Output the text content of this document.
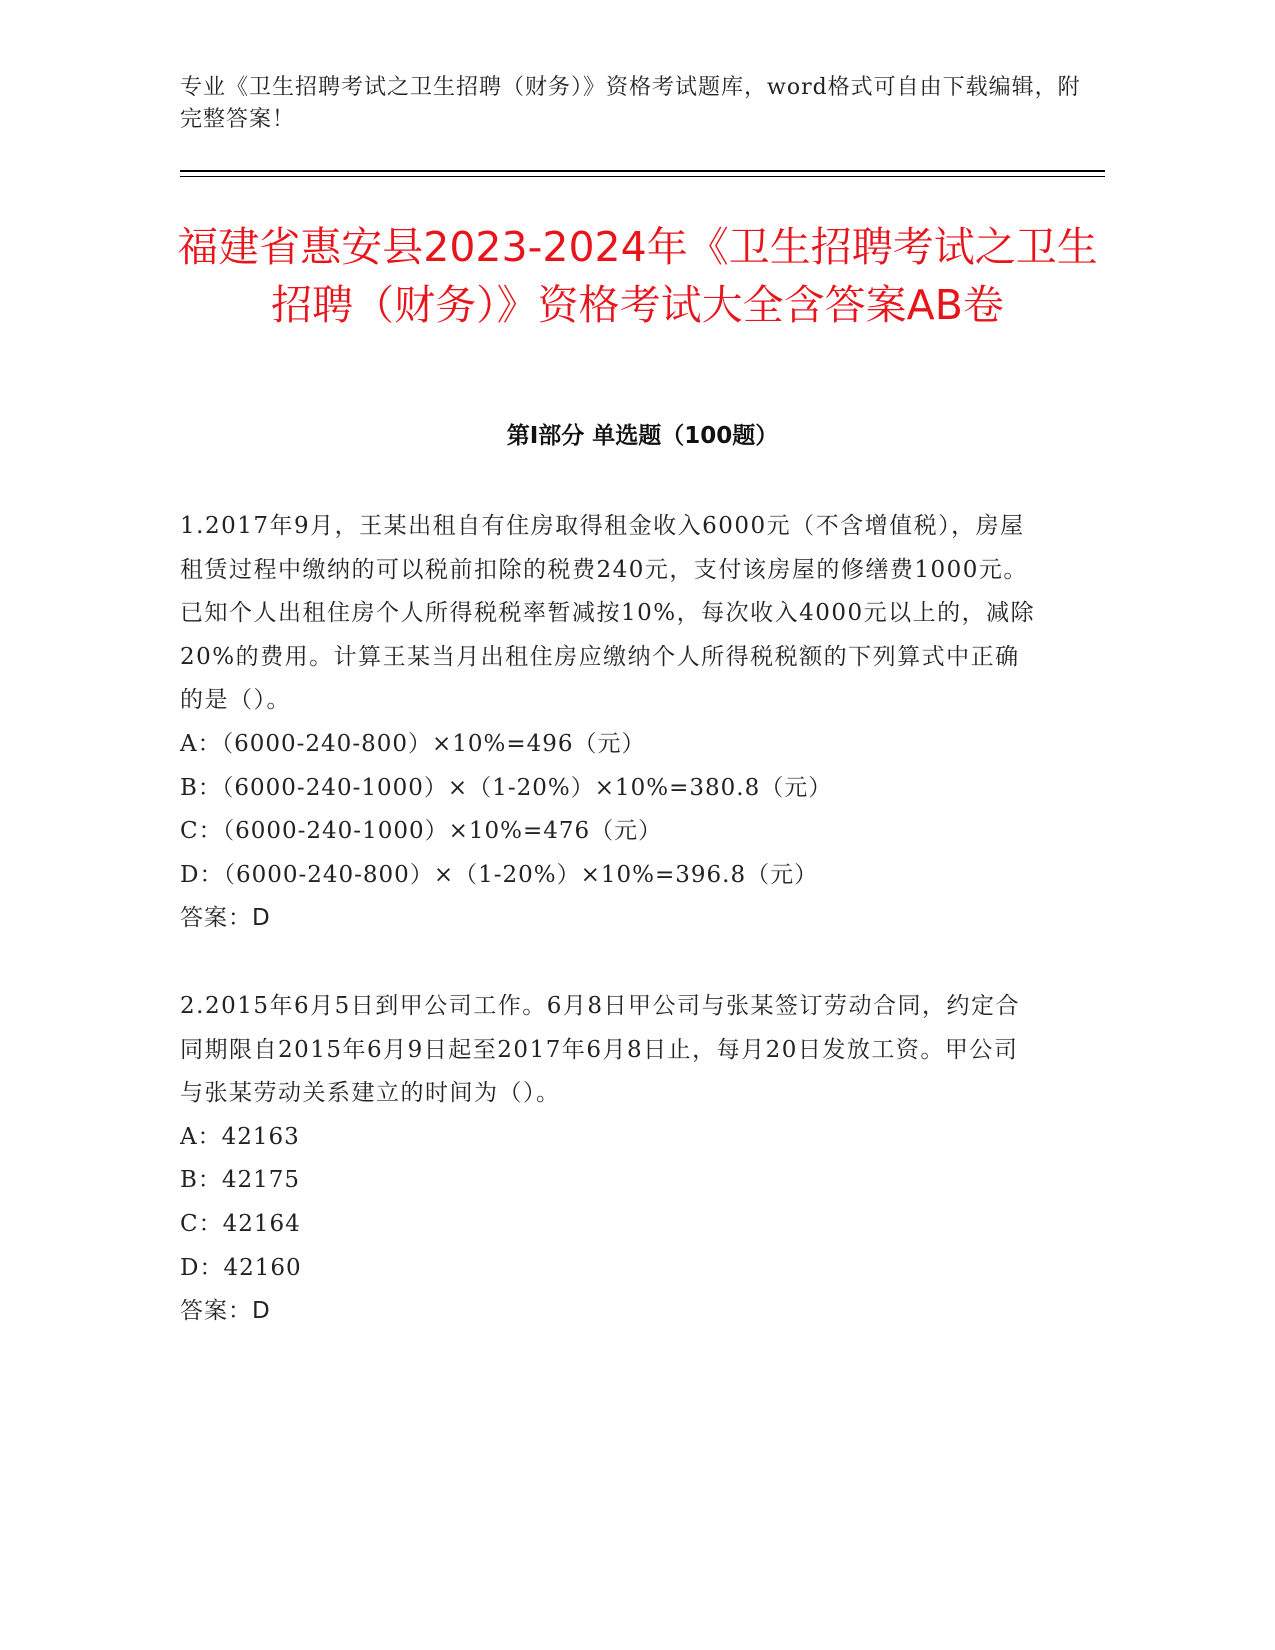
专业《卫生招聘考试之卫生招聘（财务）》资格考试题库，word格式可自由下载编辑，附完整答案！
福建省惠安县2023-2024年《卫生招聘考试之卫生招聘（财务）》资格考试大全含答案AB卷
第I部分 单选题（100题）

1.2017年9月，王某出租自有住房取得租金收入6000元（不含增值税），房屋租赁过程中缴纳的可以税前扣除的税费240元，支付该房屋的修缮费1000元。已知个人出租住房个人所得税税率暂减按10%，每次收入4000元以上的，减除20%的费用。计算王某当月出租住房应缴纳个人所得税税额的下列算式中正确的是（）。

A：（6000-240-800）×10%=496（元）

B：（6000-240-1000）×（1-20%）×10%=380.8（元）

C：（6000-240-1000）×10%=476（元）

D：（6000-240-800）×（1-20%）×10%=396.8（元）

答案：D

2.2015年6月5日到甲公司工作。6月8日甲公司与张某签订劳动合同，约定合同期限自2015年6月9日起至2017年6月8日止，每月20日发放工资。甲公司与张某劳动关系建立的时间为（）。

A：42163

B：42175

C：42164

D：42160

答案：D
